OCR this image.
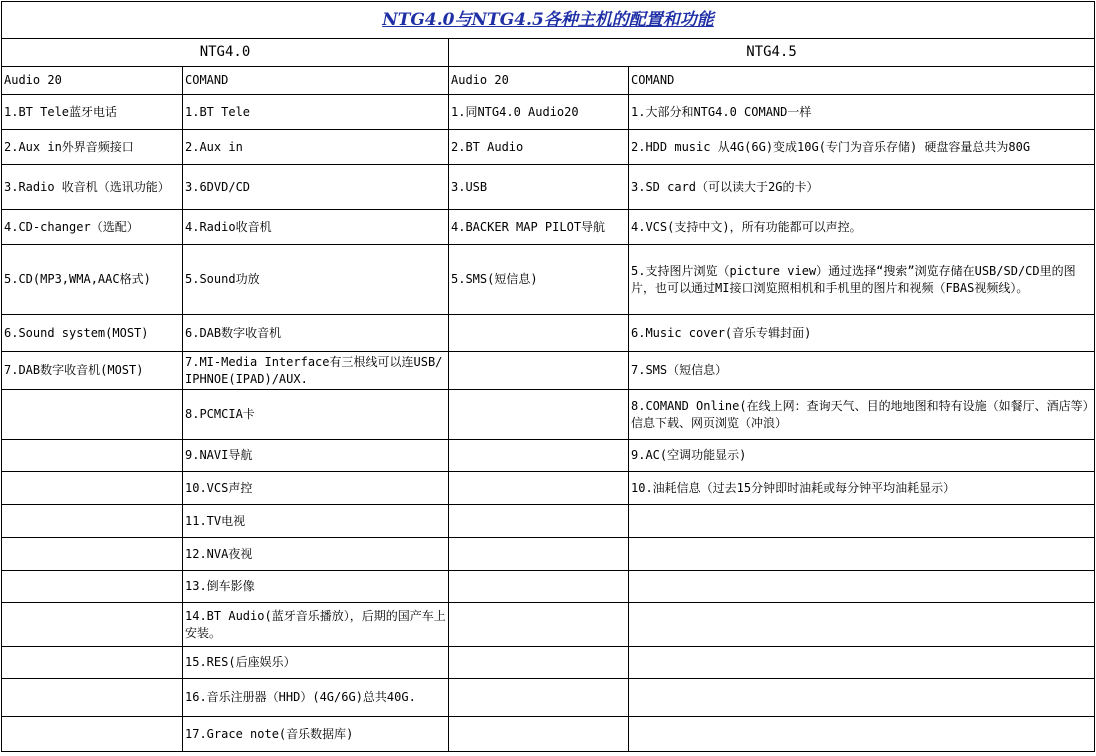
NTG4.0与NTG4.5各种主机的配置和功能			
NTG4.0		NTG4.5	
Audio 20	COMAND	Audio 20	COMAND
1.BT Tele蓝牙电话	1.BT Tele	1.同NTG4.0 Audio20	1.大部分和NTG4.0 COMAND一样
2.Aux in外界音频接口	2.Aux in	2.BT Audio	2.HDD music 从4G(6G)变成10G(专门为音乐存储) 硬盘容量总共为80G
3.Radio 收音机（选讯功能）	3.6DVD/CD	3.USB	3.SD card（可以读大于2G的卡）
4.CD-changer（选配）	4.Radio收音机	4.BACKER MAP PILOT导航	4.VCS(支持中文)，所有功能都可以声控。
5.CD(MP3,WMA,AAC格式)	5.Sound功放	5.SMS(短信息)	5.支持图片浏览（picture view）通过选择“搜索”浏览存储在USB/SD/CD里的图片，也可以通过MI接口浏览照相机和手机里的图片和视频（FBAS视频线）。
6.Sound system(MOST)	6.DAB数字收音机		6.Music cover(音乐专辑封面)
7.DAB数字收音机(MOST)	7.MI-Media Interface有三根线可以连USB/IPHNOE(IPAD)/AUX.		7.SMS（短信息）
	8.PCMCIA卡		8.COMAND Online(在线上网：查询天气、目的地地图和特有设施（如餐厅、酒店等）信息下载、网页浏览（冲浪）
	9.NAVI导航		9.AC(空调功能显示)
	10.VCS声控		10.油耗信息（过去15分钟即时油耗或每分钟平均油耗显示）
	11.TV电视		
	12.NVA夜视		
	13.倒车影像		
	14.BT Audio(蓝牙音乐播放），后期的国产车上安装。		
	15.RES(后座娱乐）		
	16.音乐注册器（HHD）(4G/6G)总共40G.		
	17.Grace note(音乐数据库)		
